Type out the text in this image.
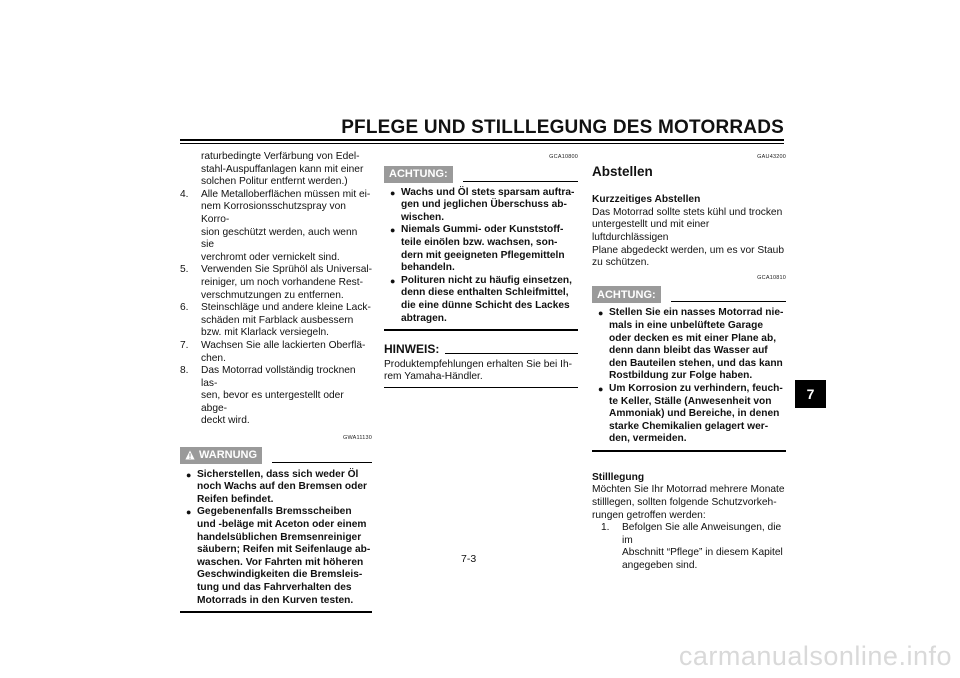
PFLEGE UND STILLLEGUNG DES MOTORRADS
raturbedingte Verfärbung von Edel-
stahl-Auspuffanlagen kann mit einer
solchen Politur entfernt werden.)
4.	Alle Metalloberflächen müssen mit ei-
nem Korrosionsschutzspray von Korro-
sion geschützt werden, auch wenn sie
verchromt oder vernickelt sind.
5.	Verwenden Sie Sprühöl als Universal-
reiniger, um noch vorhandene Rest-
verschmutzungen zu entfernen.
6.	Steinschläge und andere kleine Lack-
schäden mit Farblack ausbessern
bzw. mit Klarlack versiegeln.
7.	Wachsen Sie alle lackierten Oberflä-
chen.
8.	Das Motorrad vollständig trocknen las-
sen, bevor es untergestellt oder abge-
deckt wird.
GWA11130
WARNUNG
● Sicherstellen, dass sich weder Öl
noch Wachs auf den Bremsen oder
Reifen befindet.
● Gegebenenfalls Bremsscheiben
und -beläge mit Aceton oder einem
handelsüblichen Bremsenreiniger
säubern; Reifen mit Seifenlauge ab-
waschen. Vor Fahrten mit höheren
Geschwindigkeiten die Bremsleis-
tung und das Fahrverhalten des
Motorrads in den Kurven testen.
GCA10800
ACHTUNG:
● Wachs und Öl stets sparsam auftra-
gen und jeglichen Überschuss ab-
wischen.
● Niemals Gummi- oder Kunststoff-
teile einölen bzw. wachsen, son-
dern mit geeigneten Pflegemitteln
behandeln.
● Polituren nicht zu häufig einsetzen,
denn diese enthalten Schleifmittel,
die eine dünne Schicht des Lackes
abtragen.
HINWEIS:
Produktempfehlungen erhalten Sie bei Ih-
rem Yamaha-Händler.
GAU43200
Abstellen
Kurzzeitiges Abstellen
Das Motorrad sollte stets kühl und trocken
untergestellt und mit einer luftdurchlässigen
Plane abgedeckt werden, um es vor Staub
zu schützen.
GCA10810
ACHTUNG:
● Stellen Sie ein nasses Motorrad nie-
mals in eine unbelüftete Garage
oder decken es mit einer Plane ab,
denn dann bleibt das Wasser auf
den Bauteilen stehen, und das kann
Rostbildung zur Folge haben.
● Um Korrosion zu verhindern, feuch-
te Keller, Ställe (Anwesenheit von
Ammoniak) und Bereiche, in denen
starke Chemikalien gelagert wer-
den, vermeiden.
Stilllegung
Möchten Sie Ihr Motorrad mehrere Monate
stilllegen, sollten folgende Schutzvorkeh-
rungen getroffen werden:
1.	Befolgen Sie alle Anweisungen, die im
Abschnitt “Pflege” in diesem Kapitel
angegeben sind.
7-3
7
carmanualsonline.info
